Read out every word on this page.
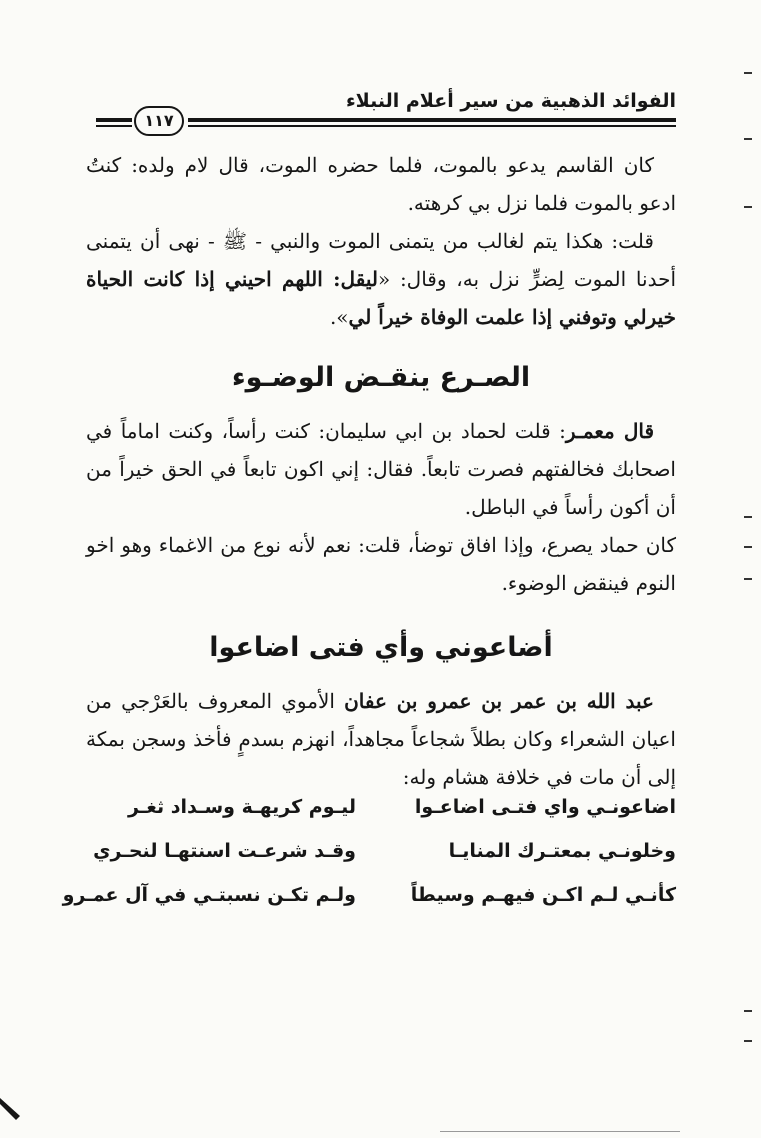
الفوائد الذهبية من سير أعلام النبلاء
١١٧

كان القاسم يدعو بالموت، فلما حضره الموت، قال لام ولده: كنتُ ادعو بالموت فلما نزل بي كرهته.

قلت: هكذا يتم لغالب من يتمنى الموت والنبي - ﷺ - نهى أن يتمنى أحدنا الموت لِضرٍّ نزل به، وقال: «ليقل: اللهم احيني إذا كانت الحياة خيرلي وتوفني إذا علمت الوفاة خيراً لي».

الصـرع ينقـض الوضـوء

قال معمـر: قلت لحماد بن ابي سليمان: كنت رأساً، وكنت اماماً في اصحابك فخالفتهم فصرت تابعاً. فقال: إني اكون تابعاً في الحق خيراً من أن أكون رأساً في الباطل.

كان حماد يصرع، وإذا افاق توضأ، قلت: نعم لأنه نوع من الاغماء وهو اخو النوم فينقض الوضوء.

أضاعوني وأي فتى اضاعوا

عبد الله بن عمر بن عمرو بن عفان الأموي المعروف بالعَرْجي من اعيان الشعراء وكان بطلاً شجاعاً مجاهداً، انهزم بسدمٍ فأخذ وسجن بمكة إلى أن مات في خلافة هشام وله:

اضاعونـي واي فتـى اضاعـوا
ليـوم كريهـة وسـداد ثغـر
وخلونـي بمعتـرك المنايـا
وقـد شرعـت اسنتهـا لنحـري
كأنـي لـم اكـن فيهـم وسيطاً
ولـم تكـن نسبتـي في آل عمـرو
